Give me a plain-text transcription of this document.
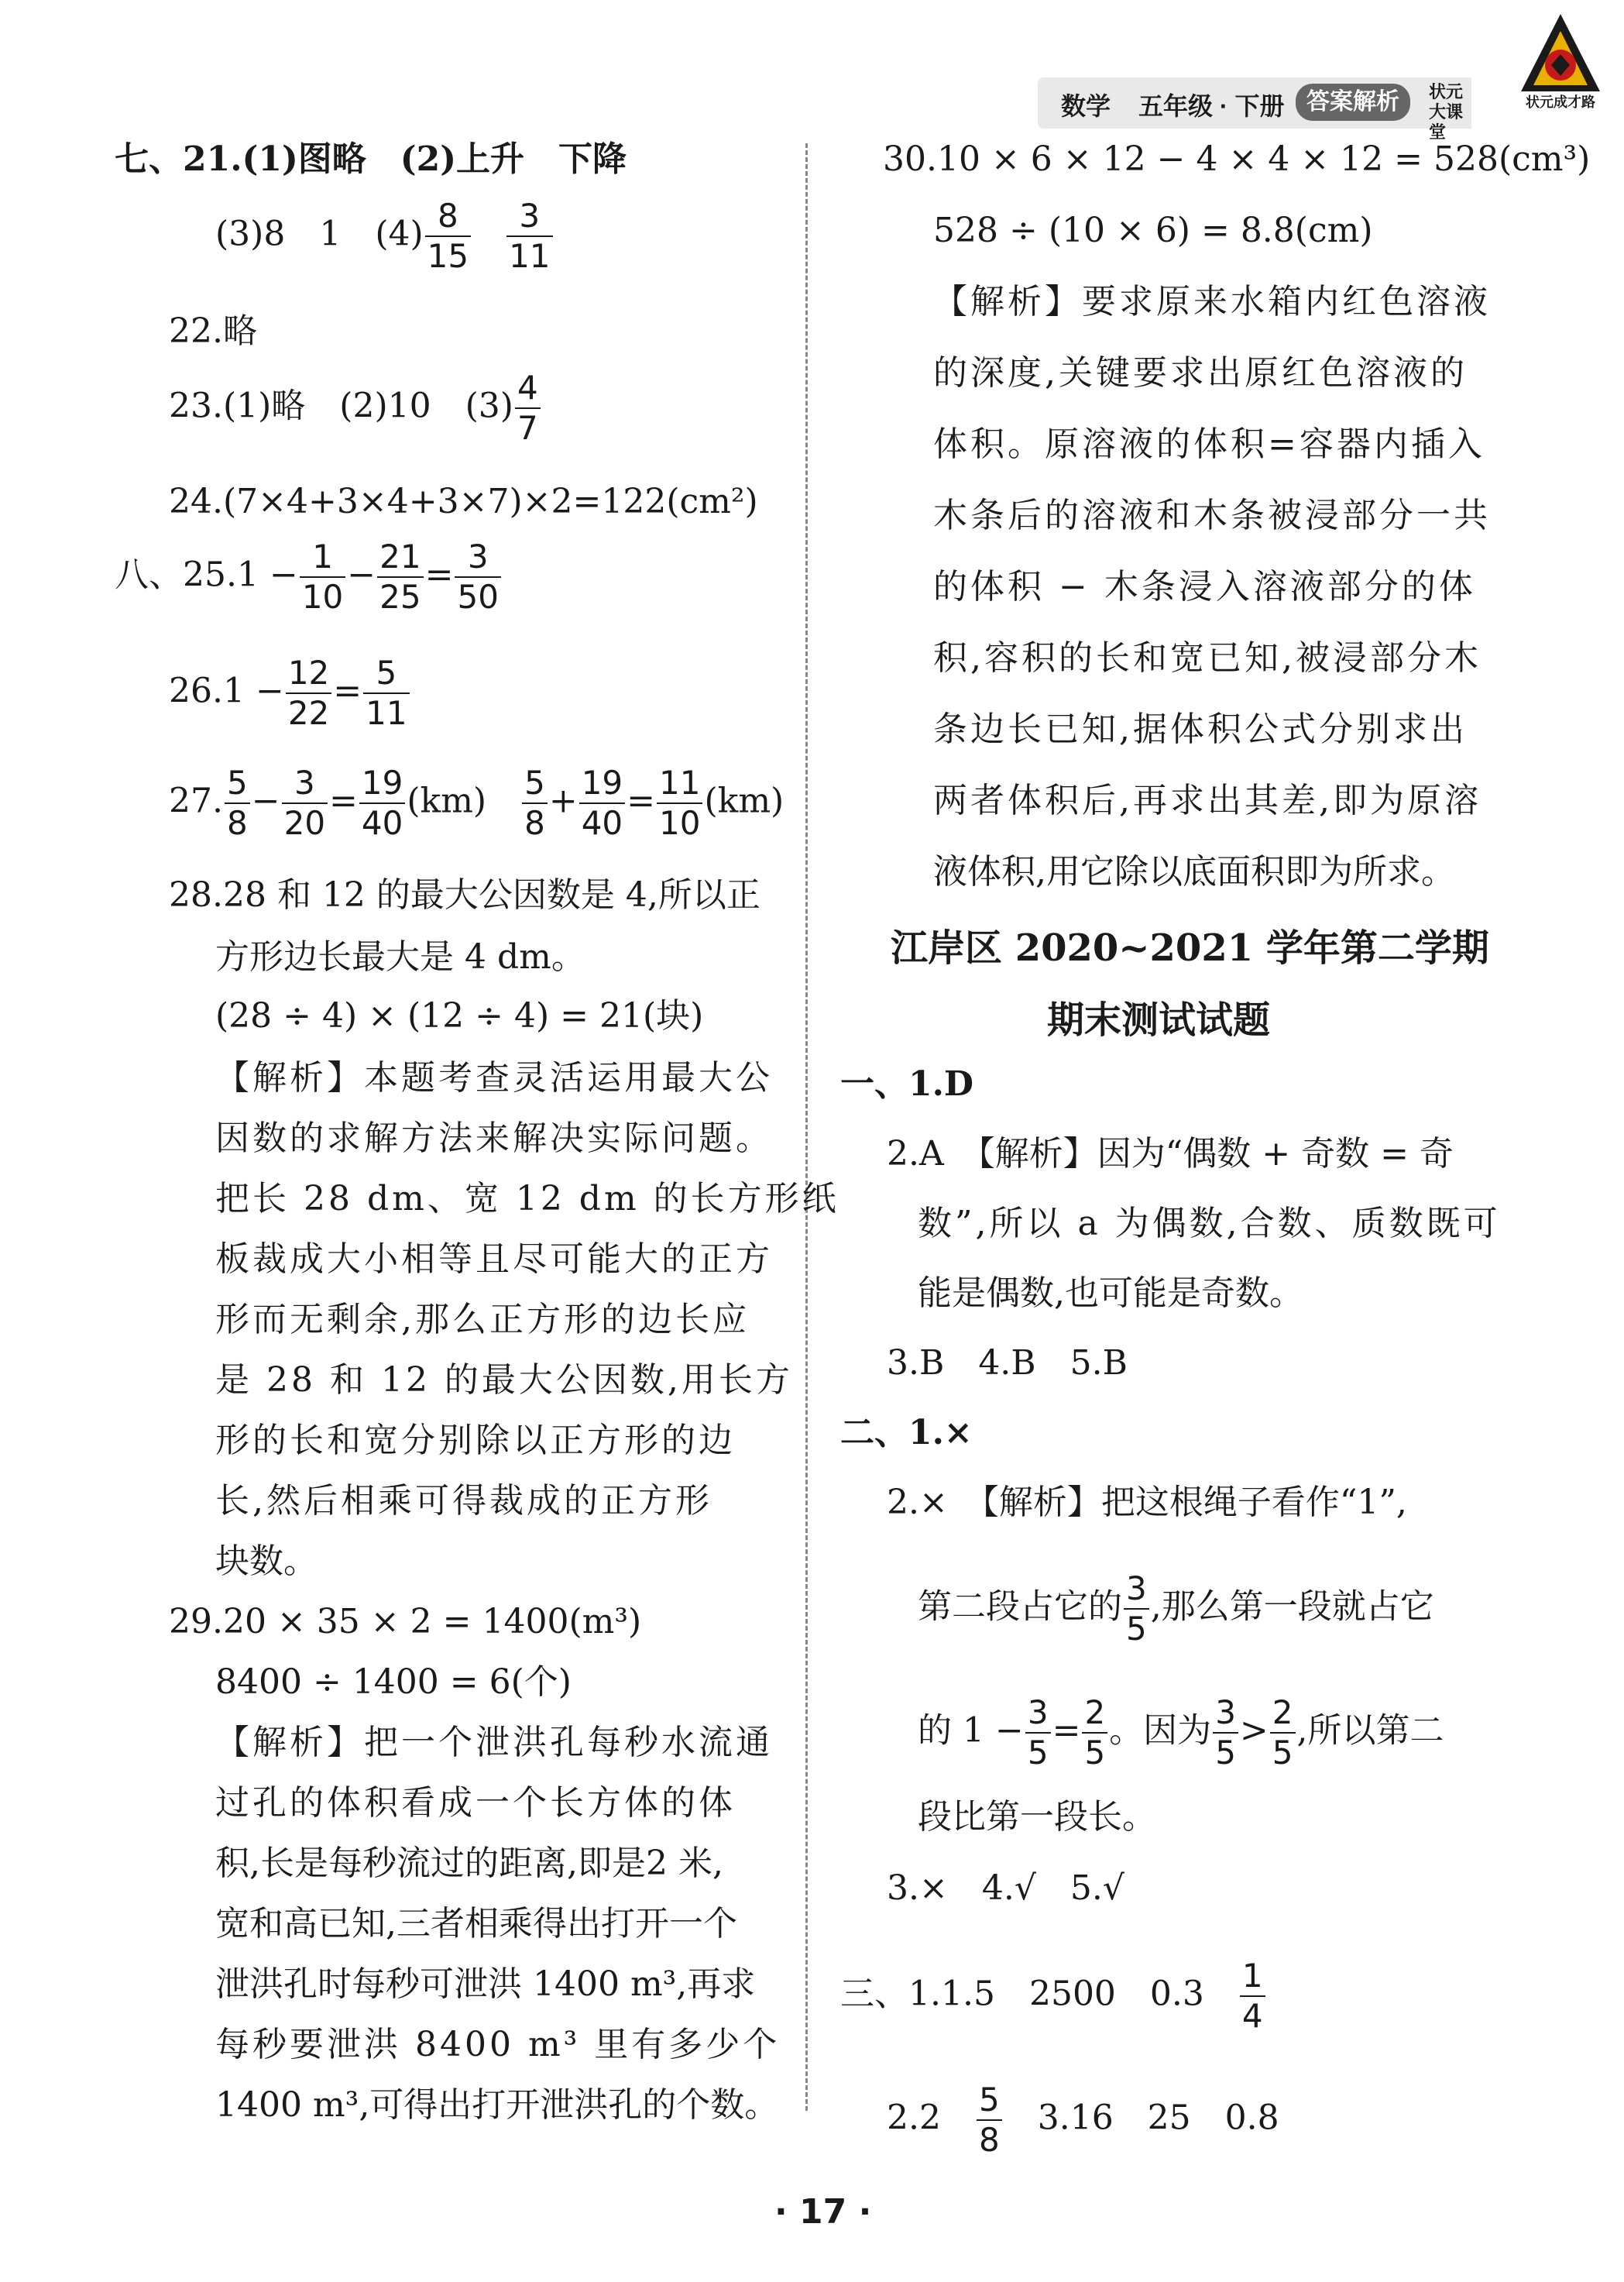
数学 五年级 · 下册 答案解析	状元大课堂
状元成才路
七、21.(1)图略　(2)上升　下降
(3)8　1　$(4) \frac{8}{15}$
$\frac{3}{11}$
22.略
23.(1)略　(2)10　$(3) \frac{4}{7}$
24.(7×4+3×4+3×7)×2=122(cm²)
八、$25.1 - \frac{1}{10} - \frac{21}{25} = \frac{3}{50}$
$26.1 - \frac{12}{22} = \frac{5}{11}$
27. $\frac{5}{8} - \frac{3}{20} = \frac{19}{40} (km)$　 $\frac{5}{8} + \frac{19}{40} = \frac{11}{10} (km)$
28.28 和 12 的最大公因数是 4,所以正
方形边长最大是 4 dm。
(28 ÷ 4) × (12 ÷ 4) = 21(块)
【解析】本题考查灵活运用最大公
因数的求解方法来解决实际问题。
把长 28 dm、宽 12 dm 的长方形纸
板裁成大小相等且尽可能大的正方
形而无剩余,那么正方形的边长应
是 28 和 12 的最大公因数,用长方
形的长和宽分别除以正方形的边
长,然后相乘可得裁成的正方形
块数。
29.20 × 35 × 2 = 1400(m³)
8400 ÷ 1400 = 6(个)
【解析】把一个泄洪孔每秒水流通
过孔的体积看成一个长方体的体
积,长是每秒流过的距离,即是2 米,
宽和高已知,三者相乘得出打开一个
泄洪孔时每秒可泄洪 1400 m³,再求
每秒要泄洪 8400 m³ 里有多少个
1400 m³,可得出打开泄洪孔的个数。
30.10 × 6 × 12 − 4 × 4 × 12 = 528(cm³)
528 ÷ (10 × 6) = 8.8(cm)
【解析】要求原来水箱内红色溶液
的深度,关键要求出原红色溶液的
体积。原溶液的体积=容器内插入
木条后的溶液和木条被浸部分一共
的体积 − 木条浸入溶液部分的体
积,容积的长和宽已知,被浸部分木
条边长已知,据体积公式分别求出
两者体积后,再求出其差,即为原溶
液体积,用它除以底面积即为所求。
江岸区 2020~2021 学年第二学期
期末测试试题
一、1.D
2.A　【解析】因为“偶数 + 奇数 = 奇
数”,所以 a 为偶数,合数、质数既可
能是偶数,也可能是奇数。
3.B　4.B　5.B
二、1.×
2.×　【解析】把这根绳子看作“1”,
第二段占它的 $\frac{3}{5}$ ,那么第一段就占它
的 $1 - \frac{3}{5} = \frac{2}{5}$ 。因为 $\frac{3}{5} > \frac{2}{5}$ ,所以第二
段比第一段长。
3.×　4.√　5.√
三、1.1.5　2500　0.3　 $\frac{1}{4}$
2.2　 $\frac{5}{8}$ 　3.16　25　0.8
· 17 ·
